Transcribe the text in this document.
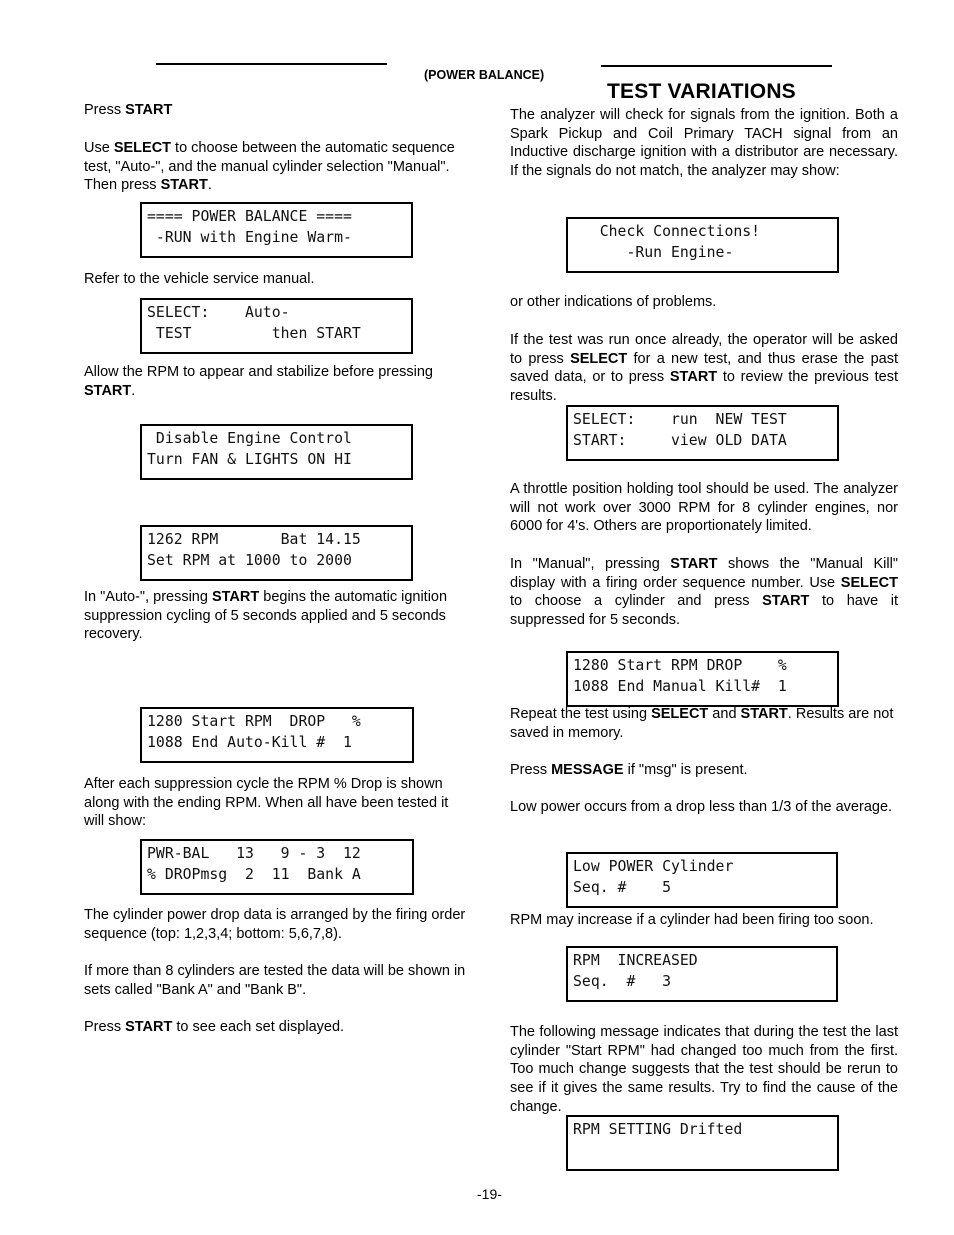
(POWER BALANCE)
TEST VARIATIONS
Press START
Use SELECT to choose between the automatic sequence test, "Auto-", and the manual cylinder selection "Manual". Then press START.
==== POWER BALANCE ====
-RUN with Engine Warm-
Refer to the vehicle service manual.
SELECT:    Auto-
TEST         then START
Allow the RPM to appear and stabilize before pressing START.
Disable Engine Control
Turn FAN & LIGHTS ON HI
1262 RPM       Bat 14.15
Set RPM at 1000 to 2000
In "Auto-", pressing START begins the automatic ignition suppression cycling of 5 seconds applied and 5 seconds recovery.
1280 Start RPM  DROP   %
1088 End Auto-Kill #  1
After each suppression cycle the RPM % Drop is shown along with the ending RPM. When all have been tested it will show:
PWR-BAL   13   9 - 3  12
% DROPmsg  2  11  Bank A
The cylinder power drop data is arranged by the firing order sequence (top: 1,2,3,4; bottom: 5,6,7,8).
If more than 8 cylinders are tested the data will be shown in sets called "Bank A" and "Bank B".
Press START to see each set displayed.
The analyzer will check for signals from the ignition. Both a Spark Pickup and Coil Primary TACH signal from an Inductive discharge ignition with a distributor are necessary. If the signals do not match, the analyzer may show:
Check Connections!
-Run Engine-
or other indications of problems.
If the test was run once already, the operator will be asked to press SELECT for a new test, and thus erase the past saved data, or to press START to review the previous test results.
SELECT:    run  NEW TEST
START:     view OLD DATA
A throttle position holding tool should be used. The analyzer will not work over 3000 RPM for 8 cylinder engines, nor 6000 for 4's. Others are proportionately limited.
In "Manual", pressing START shows the "Manual Kill" display with a firing order sequence number. Use SELECT to choose a cylinder and press START to have it suppressed for 5 seconds.
1280 Start RPM DROP    %
1088 End Manual Kill#  1
Repeat the test using SELECT and START. Results are not saved in memory.
Press MESSAGE if "msg" is present.
Low power occurs from a drop less than 1/3 of the average.
Low POWER Cylinder
Seq. #    5
RPM may increase if a cylinder had been firing too soon.
RPM  INCREASED
Seq.  #   3
The following message indicates that during the test the last cylinder "Start RPM" had changed too much from the first. Too much change suggests that the test should be rerun to see if it gives the same results. Try to find the cause of the change.
RPM SETTING Drifted

-19-
